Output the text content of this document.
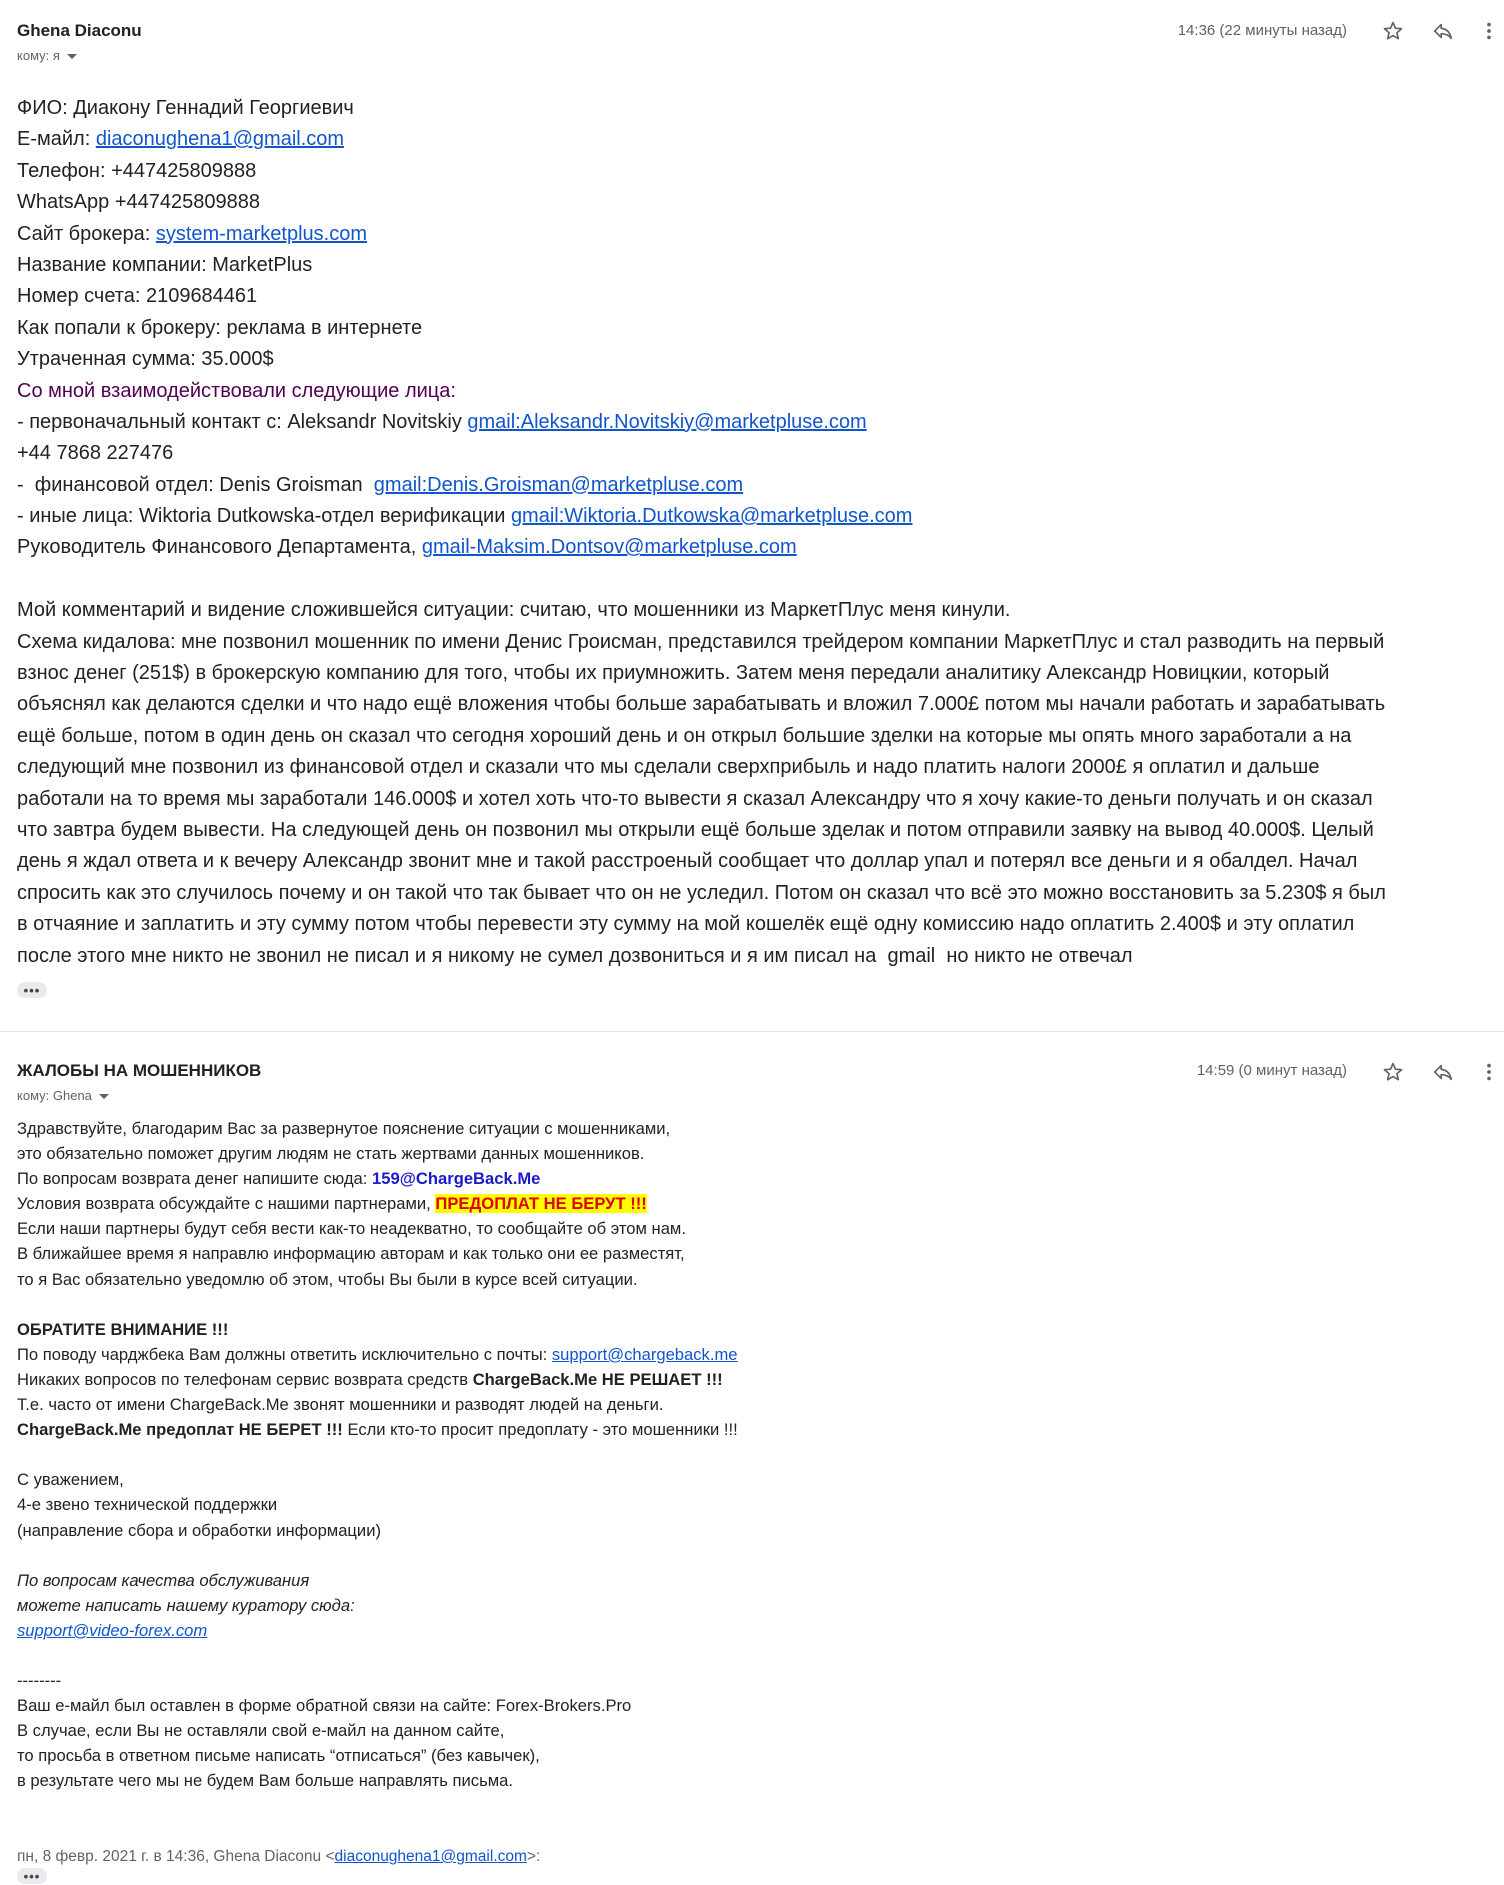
Ghena Diaconu
кому: я
14:36 (22 минуты назад)
ФИО: Диакону Геннадий Георгиевич
Е-майл: diaconughena1@gmail.com
Телефон: +447425809888
WhatsApp +447425809888
Сайт брокера: system-marketplus.com
Название компании: MarketPlus
Номер счета: 2109684461
Как попали к брокеру: реклама в интернете
Утраченная сумма: 35.000$
Со мной взаимодействовали следующие лица:
- первоначальный контакт с: Aleksandr Novitskiy gmail:Aleksandr.Novitskiy@marketpluse.com
+44 7868 227476
-  финансовой отдел: Denis Groisman  gmail:Denis.Groisman@marketpluse.com
- иные лица: Wiktoria Dutkowska-отдел верификации gmail:Wiktoria.Dutkowska@marketpluse.com
Руководитель Финансового Департамента, gmail-Maksim.Dontsov@marketpluse.com
Мой комментарий и видение сложившейся ситуации: считаю, что мошенники из МаркетПлус меня кинули.
Схема кидалова: мне позвонил мошенник по имени Денис Гроисман, представился трейдером компании МаркетПлус и стал разводить на первый
взнос денег (251$) в брокерскую компанию для того, чтобы их приумножить. Затем меня передали аналитику Александр Новицкии, который
объяснял как делаются сделки и что надо ещё вложения чтобы больше зарабатывать и вложил 7.000£ потом мы начали работать и зарабатывать
ещё больше, потом в один день он сказал что сегодня хороший день и он открыл большие зделки на которые мы опять много заработали а на
следующий мне позвонил из финансовой отдел и сказали что мы сделали сверхприбыль и надо платить налоги 2000£ я оплатил и дальше
работали на то время мы заработали 146.000$ и хотел хоть что-то вывести я сказал Александру что я хочу какие-то деньги получать и он сказал
что завтра будем вывести. На следующей день он позвонил мы открыли ещё больше зделак и потом отправили заявку на вывод 40.000$. Целый
день я ждал ответа и к вечеру Александр звонит мне и такой расстроеный сообщает что доллар упал и потерял все деньги и я обалдел. Начал
спросить как это случилось почему и он такой что так бывает что он не уследил. Потом он сказал что всё это можно восстановить за 5.230$ я был
в отчаяние и заплатить и эту сумму потом чтобы перевести эту сумму на мой кошелёк ещё одну комиссию надо оплатить 2.400$ и эту оплатил
после этого мне никто не звонил не писал и я никому не сумел дозвониться и я им писал на  gmail  но никто не отвечал
•••
ЖАЛОБЫ НА МОШЕННИКОВ
кому: Ghena
14:59 (0 минут назад)
Здравствуйте, благодарим Вас за развернутое пояснение ситуации с мошенниками,
это обязательно поможет другим людям не стать жертвами данных мошенников.
По вопросам возврата денег напишите сюда: 159@ChargeBack.Me
Условия возврата обсуждайте с нашими партнерами, ПРЕДОПЛАТ НЕ БЕРУТ !!!
Если наши партнеры будут себя вести как-то неадекватно, то сообщайте об этом нам.
В ближайшее время я направлю информацию авторам и как только они ее разместят,
то я Вас обязательно уведомлю об этом, чтобы Вы были в курсе всей ситуации.
ОБРАТИТЕ ВНИМАНИЕ !!!
По поводу чарджбека Вам должны ответить исключительно с почты: support@chargeback.me
Никаких вопросов по телефонам сервис возврата средств ChargeBack.Me НЕ РЕШАЕТ !!!
Т.е. часто от имени ChargeBack.Me звонят мошенники и разводят людей на деньги.
ChargeBack.Me предоплат НЕ БЕРЕТ !!! Если кто-то просит предоплату - это мошенники !!!
С уважением,
4-е звено технической поддержки
(направление сбора и обработки информации)
По вопросам качества обслуживания
можете написать нашему куратору сюда:
support@video-forex.com
--------
Ваш е-майл был оставлен в форме обратной связи на сайте: Forex-Brokers.Pro
В случае, если Вы не оставляли свой е-майл на данном сайте,
то просьба в ответном письме написать “отписаться” (без кавычек),
в результате чего мы не будем Вам больше направлять письма.
пн, 8 февр. 2021 г. в 14:36, Ghena Diaconu <diaconughena1@gmail.com>:
•••
